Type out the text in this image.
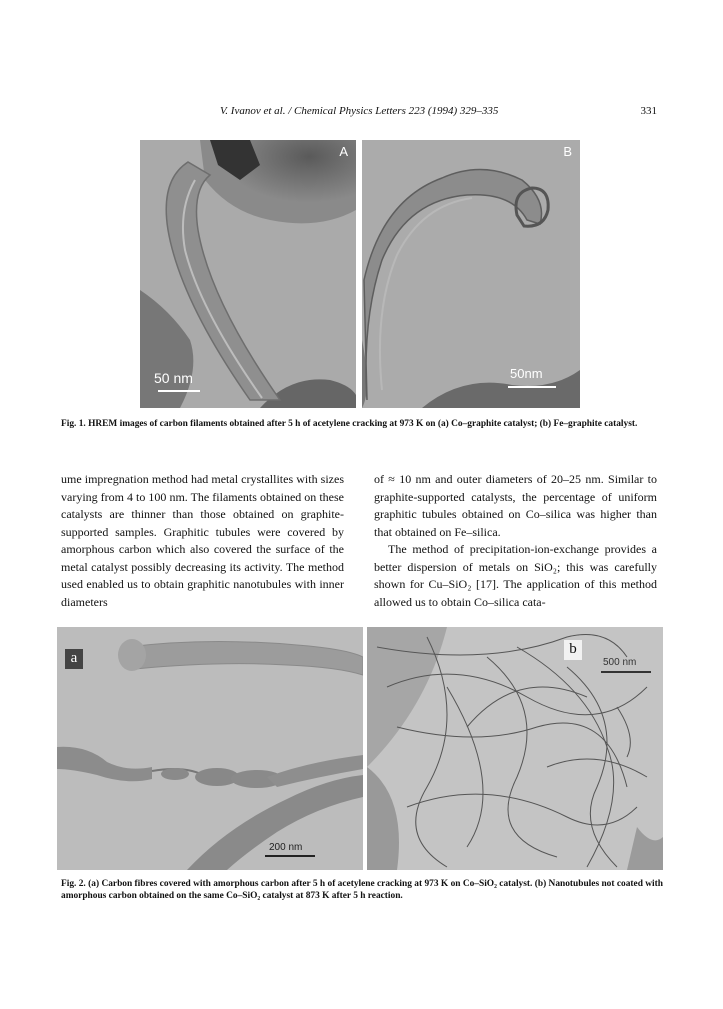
V. Ivanov et al. / Chemical Physics Letters 223 (1994) 329–335	331
A
50 nm
B
50nm
Fig. 1. HREM images of carbon filaments obtained after 5 h of acetylene cracking at 973 K on (a) Co–graphite catalyst; (b) Fe–graphite catalyst.

ume impregnation method had metal crystallites with sizes varying from 4 to 100 nm. The filaments obtained on these catalysts are thinner than those obtained on graphite-supported samples. Graphitic tubules were covered by amorphous carbon which also covered the surface of the metal catalyst possibly decreasing its activity. The method used enabled us to obtain graphitic nanotubules with inner diameters

of ≈ 10 nm and outer diameters of 20–25 nm. Similar to graphite-supported catalysts, the percentage of uniform graphitic tubules obtained on Co–silica was higher than that obtained on Fe–silica.

The method of precipitation-ion-exchange provides a better dispersion of metals on SiO₂; this was carefully shown for Cu–SiO₂ [17]. The application of this method allowed us to obtain Co–silica cata-

a
200 nm
b
500 nm
Fig. 2. (a) Carbon fibres covered with amorphous carbon after 5 h of acetylene cracking at 973 K on Co–SiO₂ catalyst. (b) Nanotubules not coated with amorphous carbon obtained on the same Co–SiO₂ catalyst at 873 K after 5 h reaction.
